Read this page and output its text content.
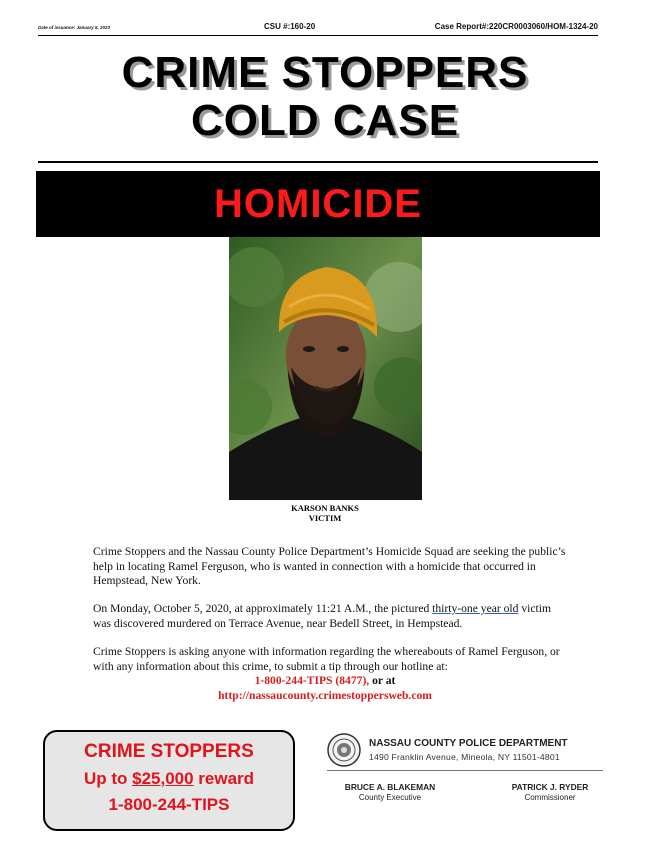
Date of issuance: January 5, 2023	CSU #:160-20	Case Report#:220CR0003060/HOM-1324-20
CRIME STOPPERS
COLD CASE
HOMICIDE
KARSON BANKS
VICTIM
Crime Stoppers and the Nassau County Police Department’s Homicide Squad are seeking the public’s help in locating Ramel Ferguson, who is wanted in connection with a homicide that occurred in Hempstead, New York.
On Monday, October 5, 2020, at approximately 11:21 A.M., the pictured thirty-one year old victim was discovered murdered on Terrace Avenue, near Bedell Street, in Hempstead.
Crime Stoppers is asking anyone with information regarding the whereabouts of Ramel Ferguson, or with any information about this crime, to submit a tip through our hotline at:
1-800-244-TIPS (8477), or at
http://nassaucounty.crimestoppersweb.com
CRIME STOPPERS
Up to $25,000 reward
1-800-244-TIPS
NASSAU COUNTY POLICE DEPARTMENT
1490 Franklin Avenue, Mineola, NY 11501-4801
BRUCE A. BLAKEMAN
County Executive
PATRICK J. RYDER
Commissioner
